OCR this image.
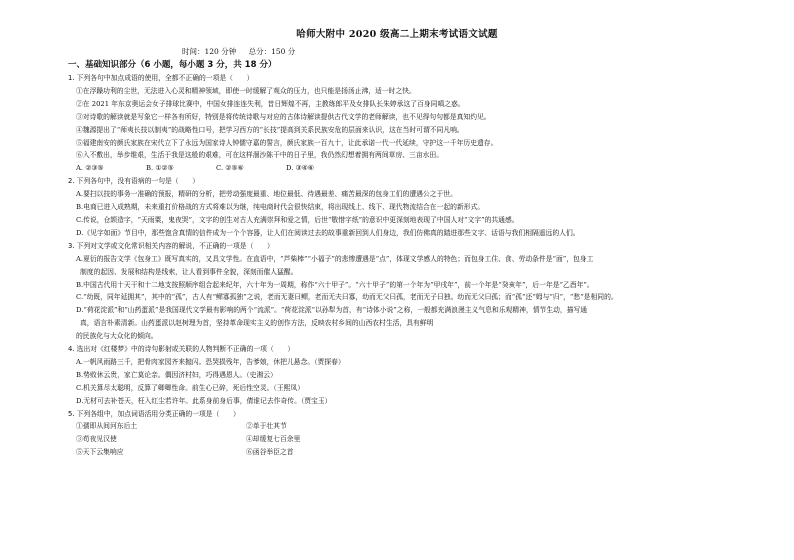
哈师大附中 2020 级高二上期末考试语文试题
时间：120 分钟 总分：150 分
一、基础知识部分（6 小题，每小题 3 分，共 18 分）
1. 下列各句中加点成语的使用，全都不正确的一项是（　　）
①在浮躁功利的尘世，无法进入心灵和精神领域，即使一时缓解了观众的压力，也只能是扬汤止沸，适一时之快。
②在 2021 年东京奥运会女子排球比赛中，中国女排连连失利，昔日辉煌不再，主教练郎平及女排队长朱婷承这了百身同嗔之惑。
③对诗歌的解读就是写象它一样各有所好，特别是将传统诗歌与对应的古体诗解读提供古代文学的老师解读，也不见得句句都是真知灼见。
④魏源提出了“师夷长技以制夷”的战略性口号，把学习西方的“长技”提高到关系民族安危的层面来认识，这在当时可谓不同凡响。
⑤福建南安的颜氏家族在宋代立下了永远为国家诗人钟儒守嘉的誓言，颜氏家族一百九十，让此承诺一代一代延续，守护这一千年历史遗存。
⑥入不敷出，举步维艰，生活于我是这般的艰难，可在这样涸沙陈干中的日子里，我仍然幻想着拥有两间草房、三亩水田。
A. ②③⑤	B. ①②⑤	C. ②⑤⑥	D. ③④⑥
2. 下列各句中，没有语病的一句是（　　）
A.要扫以技的事务一准确的预报，精研的分析，把劳动强度最重、地位最低、待遇最差、痛苦最深的包身工们的遭遇公之于世。
B.电商已进入成熟期，未来重打价格战的方式将难以为继，纯电商时代会很快结束，将出现线上、线下、现代物流结合在一起的新形式。
C.传说，仓颉造字，“天雨粟，鬼夜哭”，文字的创生对古人充满崇拜和爱之情，后世“敬惜字纸”的意识中更深刻地表现了中国人对“文字”的共通感。
D.《见字如面》节目中，那些饱含真情的信件成为一个个容器，让人们在阅读过去的故事重新回到人们身边，我们仿佛真的踏进那些文字、话语与我们相隔遥远的人们。
3. 下列对文学或文化常识相关内容的解说，不正确的一项是（　　）
A.夏衍的报告文学《包身工》既写真实的，又具文学性。在直语中，“芦柴棒”“小福子”的悲惨遭遇是“点”，体现文学感人的特色；而包身工住、食、劳动条件是“面”，包身工
制度的起因、发展和结构是线索，让人看到事件全貌，深刻而催人猛醒。
B.中国古代用十天干和十二地支按照顺序组合起来纪年，六十年为一周期，称作“六十甲子”。“六十甲子”的第一个年为“甲戌年”，前一个年是“癸亥年”，后一年是“乙酉年”。
C.“幼既，同年延拥其”，其中的“孤”，古人有“鳏寡孤独”之说，老而无妻曰鳏，老而无夫曰寡，幼而无父曰孤，老而无子曰独。幼而无父曰孤；而“孤”还“姆与“归”，“愁”是相同的。
D.“荷花淀派”和“山药蛋派”是我国现代文学最有影响的两个“流派”。“荷花淀派”以孙犁为首，有“诗体小说”之称，一般都充满浪漫主义气息和乐观精神，情节生动，描写通
真，语言朴素清新。山药蛋派以赵树理为首，坚持革命现实主义的创作方法，反映农村乡间的山西农村生活，具有鲜明
的民族化与大众化的倾向。
4. 选出对《红楼梦》中的诗句影射或关联的人物判断不正确的一项（　　）
A.一帆风雨路三千，把骨肉家园齐来抛闪。恐哭损残年，告爹娘，休把儿悬念。（贾探春）
B.势败休云贵，家亡莫论亲。偶因济村妇，巧得遇恩人。（史湘云）
C.机关算尽太聪明，反算了卿卿性命。前生心已碎，死后性空灵。（王熙凤）
D.无材可去补苍天，枉入红尘若许年。此系身前身后事，倩谁记去作奇传。（贾宝玉）
5. 下列各组中，加点词语活用分类正确的一项是（　　）
①孺即从间河东后土	②单于壮其节
③苟夜见汉使	④却缓复七百余里
⑤天下云集响应	⑥函谷举臣之首
